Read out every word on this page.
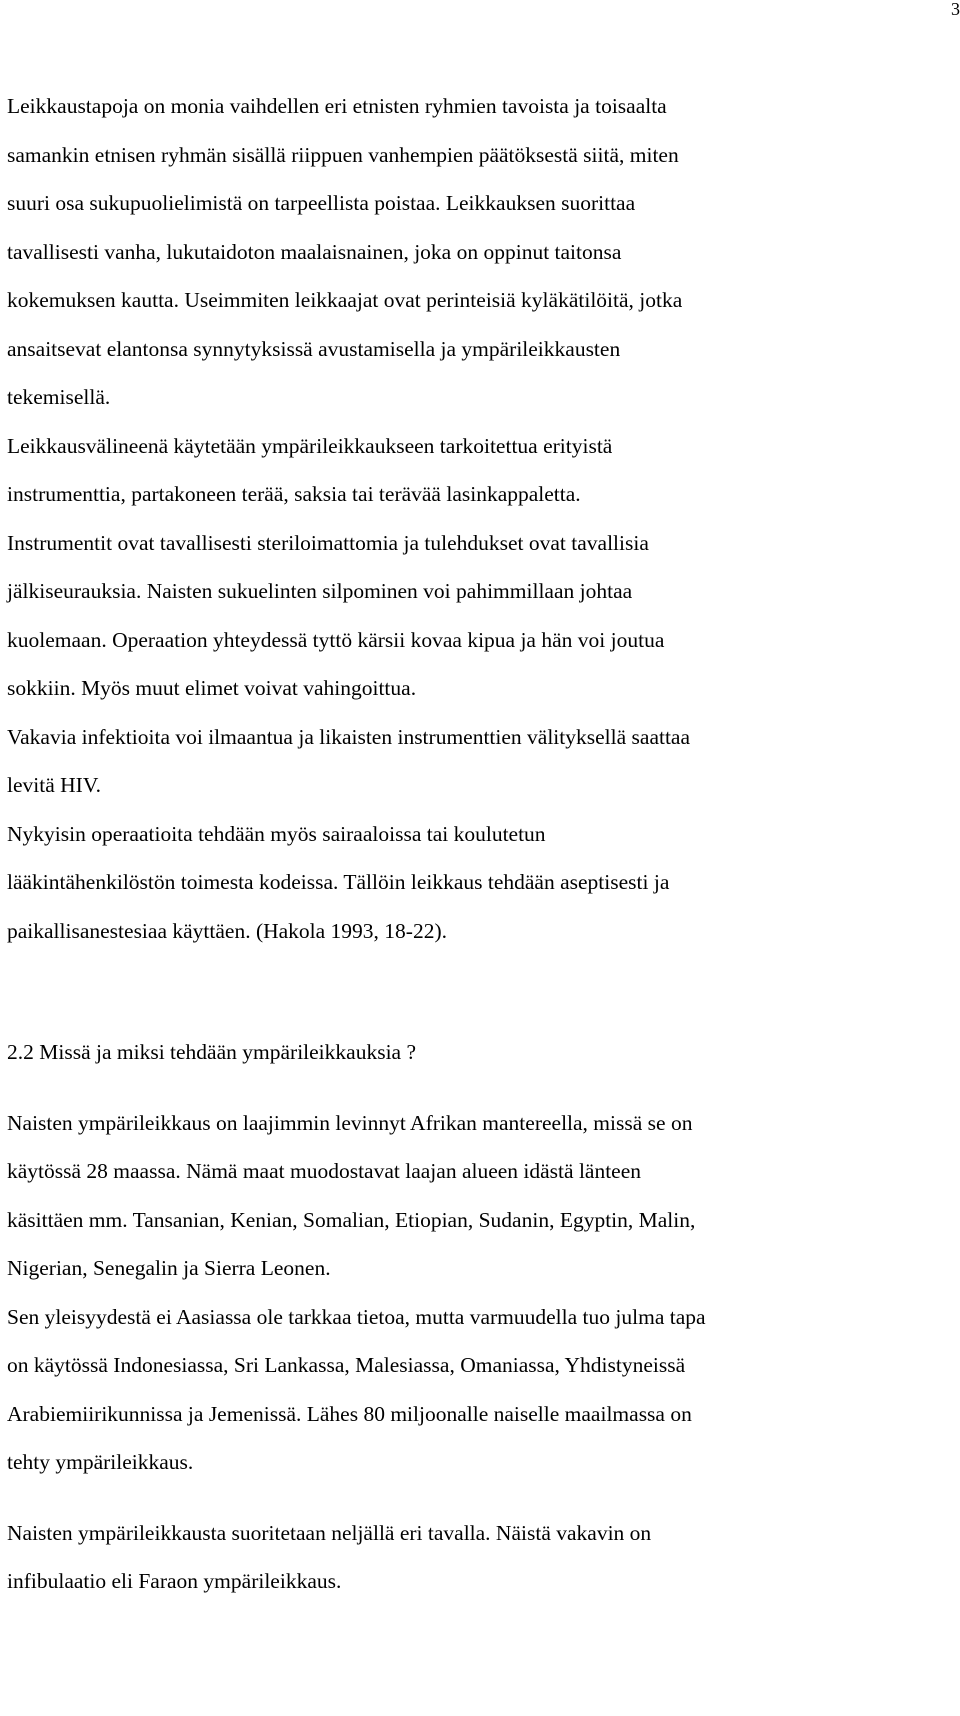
3
Leikkaustapoja on monia vaihdellen eri etnisten ryhmien tavoista ja toisaalta
samankin etnisen ryhmän sisällä riippuen vanhempien päätöksestä siitä, miten
suuri osa sukupuolielimistä on tarpeellista poistaa. Leikkauksen suorittaa
tavallisesti vanha, lukutaidoton maalaisnainen, joka on oppinut taitonsa
kokemuksen kautta. Useimmiten leikkaajat ovat perinteisiä kyläkätilöitä, jotka
ansaitsevat elantonsa synnytyksissä avustamisella ja ympärileikkausten
tekemisellä.
Leikkausvälineenä käytetään ympärileikkaukseen tarkoitettua erityistä
instrumenttia, partakoneen terää, saksia tai terävää lasinkappaletta.
Instrumentit ovat tavallisesti steriloimattomia ja tulehdukset ovat tavallisia
jälkiseurauksia. Naisten sukuelinten silpominen voi pahimmillaan johtaa
kuolemaan. Operaation yhteydessä tyttö kärsii kovaa kipua ja hän voi joutua
sokkiin. Myös muut elimet voivat vahingoittua.
Vakavia infektioita voi ilmaantua ja likaisten instrumenttien välityksellä saattaa
levitä HIV.
Nykyisin operaatioita tehdään myös sairaaloissa tai koulutetun
lääkintähenkilöstön toimesta kodeissa. Tällöin leikkaus tehdään aseptisesti ja
paikallisanestesiaa käyttäen. (Hakola 1993, 18-22).
2.2 Missä ja miksi tehdään ympärileikkauksia ?
Naisten ympärileikkaus on laajimmin levinnyt Afrikan mantereella, missä se on
käytössä 28 maassa. Nämä maat muodostavat laajan alueen idästä länteen
käsittäen mm. Tansanian, Kenian, Somalian, Etiopian, Sudanin, Egyptin, Malin,
Nigerian, Senegalin ja Sierra Leonen.
Sen yleisyydestä ei Aasiassa ole tarkkaa tietoa, mutta varmuudella tuo julma tapa
on käytössä Indonesiassa, Sri Lankassa, Malesiassa, Omaniassa, Yhdistyneissä
Arabiemiirikunnissa ja Jemenissä. Lähes 80 miljoonalle naiselle maailmassa on
tehty ympärileikkaus.
Naisten ympärileikkausta suoritetaan neljällä eri tavalla. Näistä vakavin on
infibulaatio eli Faraon ympärileikkaus.
